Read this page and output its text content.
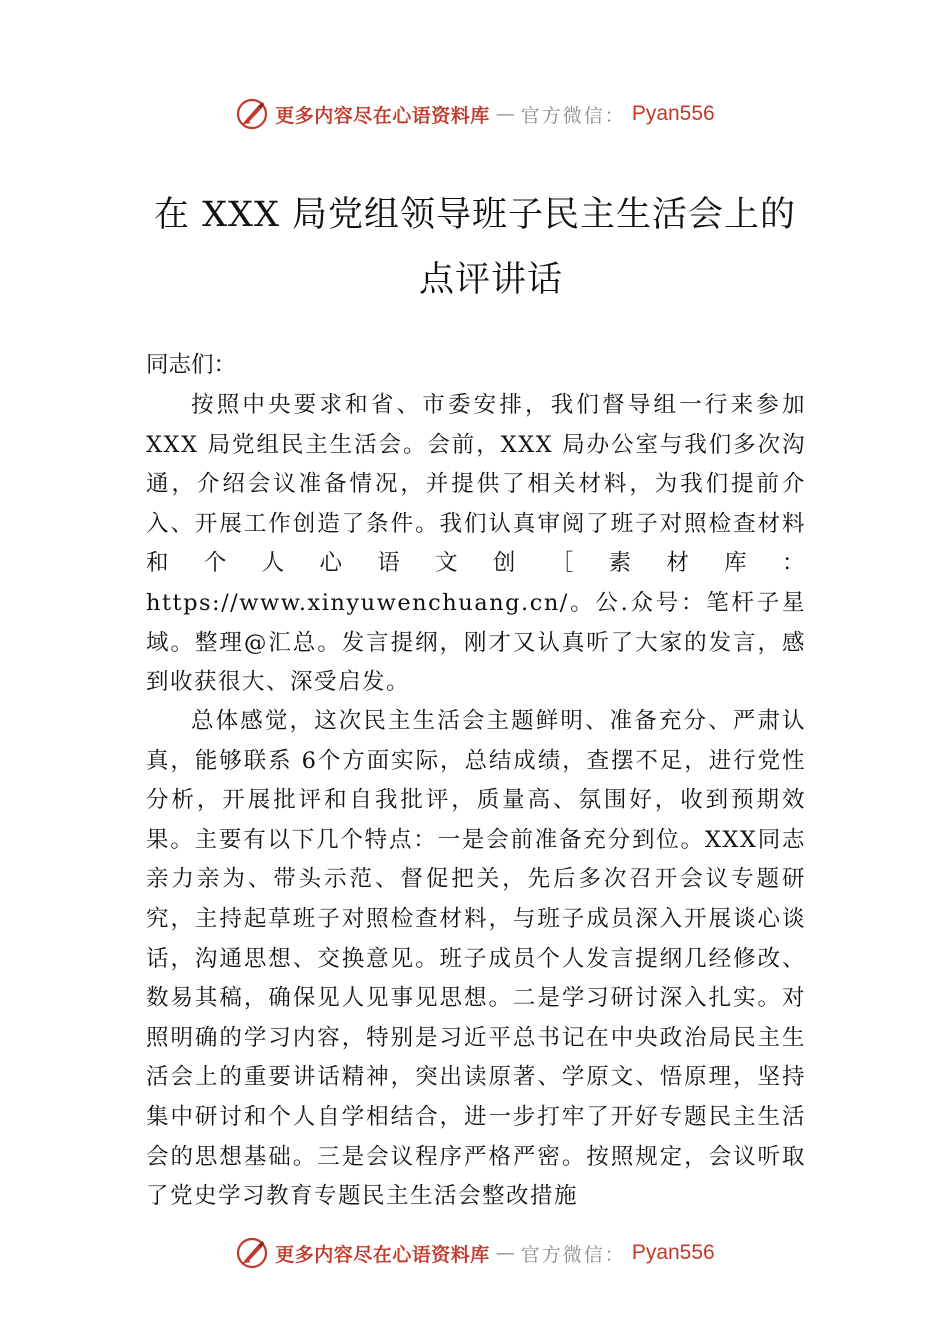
更多内容尽在心语资料库 — 官方微信： Pyan556
在 XXX 局党组领导班子民主生活会上的
点评讲话

同志们：

按照中央要求和省、市委安排，我们督导组一行来参加XXX 局党组民主生活会。会前，XXX 局办公室与我们多次沟通，介绍会议准备情况，并提供了相关材料，为我们提前介入、开展工作创造了条件。我们认真审阅了班子对照检查材料和个人心语文创［素材库：https://www.xinyuwenchuang.cn/。公.众号：笔杆子星域。整理@汇总。发言提纲，刚才又认真听了大家的发言，感到收获很大、深受启发。

总体感觉，这次民主生活会主题鲜明、准备充分、严肃认真，能够联系 6个方面实际，总结成绩，查摆不足，进行党性分析，开展批评和自我批评，质量高、氛围好，收到预期效果。主要有以下几个特点：一是会前准备充分到位。XXX同志亲力亲为、带头示范、督促把关，先后多次召开会议专题研究，主持起草班子对照检查材料，与班子成员深入开展谈心谈话，沟通思想、交换意见。班子成员个人发言提纲几经修改、数易其稿，确保见人见事见思想。二是学习研讨深入扎实。对照明确的学习内容，特别是习近平总书记在中央政治局民主生活会上的重要讲话精神，突出读原著、学原文、悟原理，坚持集中研讨和个人自学相结合，进一步打牢了开好专题民主生活会的思想基础。三是会议程序严格严密。按照规定，会议听取了党史学习教育专题民主生活会整改措施

更多内容尽在心语资料库 — 官方微信： Pyan556
